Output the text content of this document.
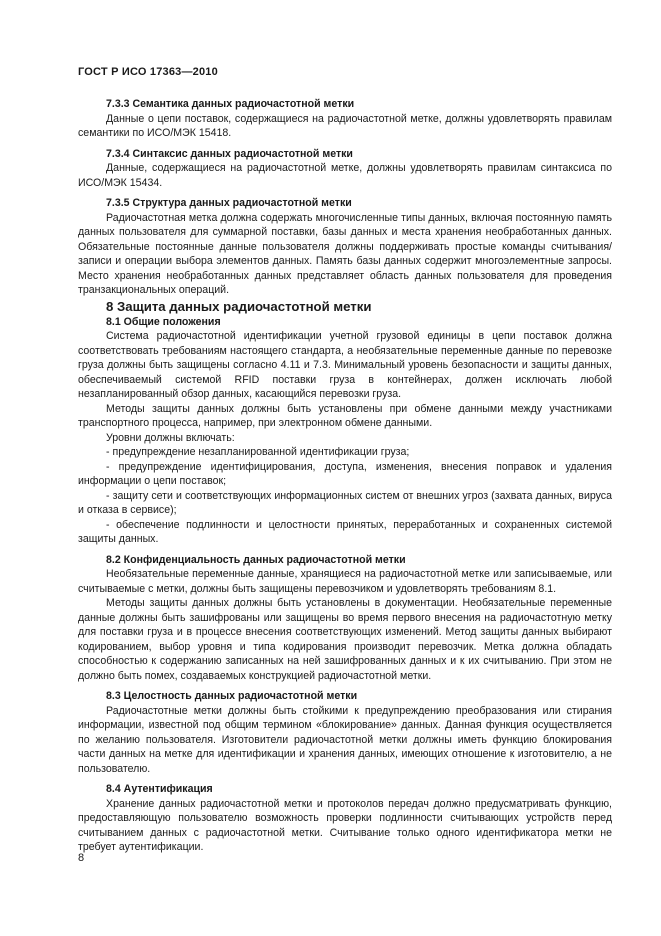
ГОСТ Р ИСО 17363—2010

7.3.3 Семантика данных радиочастотной метки

Данные о цепи поставок, содержащиеся на радиочастотной метке, должны удовлетворять правилам семантики по ИСО/МЭК 15418.

7.3.4 Синтаксис данных радиочастотной метки

Данные, содержащиеся на радиочастотной метке, должны удовлетворять правилам синтаксиса по ИСО/МЭК 15434.

7.3.5 Структура данных радиочастотной метки

Радиочастотная метка должна содержать многочисленные типы данных, включая постоянную память данных пользователя для суммарной поставки, базы данных и места хранения необработанных данных. Обязательные постоянные данные пользователя должны поддерживать простые команды считывания/записи и операции выбора элементов данных. Память базы данных содержит многоэлементные запросы. Место хранения необработанных данных представляет область данных пользователя для проведения транзакциональных операций.

8 Защита данных радиочастотной метки

8.1 Общие положения

Система радиочастотной идентификации учетной грузовой единицы в цепи поставок должна соответствовать требованиям настоящего стандарта, а необязательные переменные данные по перевозке груза должны быть защищены согласно 4.11 и 7.3. Минимальный уровень безопасности и защиты данных, обеспечиваемый системой RFID поставки груза в контейнерах, должен исключать любой незапланированный обзор данных, касающийся перевозки груза.

Методы защиты данных должны быть установлены при обмене данными между участниками транспортного процесса, например, при электронном обмене данными.

Уровни должны включать:

- предупреждение незапланированной идентификации груза;

- предупреждение идентифицирования, доступа, изменения, внесения поправок и удаления информации о цепи поставок;

- защиту сети и соответствующих информационных систем от внешних угроз (захвата данных, вируса и отказа в сервисе);

- обеспечение подлинности и целостности принятых, переработанных и сохраненных системой защиты данных.

8.2 Конфиденциальность данных радиочастотной метки

Необязательные переменные данные, хранящиеся на радиочастотной метке или записываемые, или считываемые с метки, должны быть защищены перевозчиком и удовлетворять требованиям 8.1.

Методы защиты данных должны быть установлены в документации. Необязательные переменные данные должны быть зашифрованы или защищены во время первого внесения на радиочастотную метку для поставки груза и в процессе внесения соответствующих изменений. Метод защиты данных выбирают кодированием, выбор уровня и типа кодирования производит перевозчик. Метка должна обладать способностью к содержанию записанных на ней зашифрованных данных и к их считыванию. При этом не должно быть помех, создаваемых конструкцией радиочастотной метки.

8.3 Целостность данных радиочастотной метки

Радиочастотные метки должны быть стойкими к предупреждению преобразования или стирания информации, известной под общим термином «блокирование» данных. Данная функция осуществляется по желанию пользователя. Изготовители радиочастотной метки должны иметь функцию блокирования части данных на метке для идентификации и хранения данных, имеющих отношение к изготовителю, а не пользователю.

8.4 Аутентификация

Хранение данных радиочастотной метки и протоколов передач должно предусматривать функцию, предоставляющую пользователю возможность проверки подлинности считывающих устройств перед считыванием данных с радиочастотной метки. Считывание только одного идентификатора метки не требует аутентификации.

8
